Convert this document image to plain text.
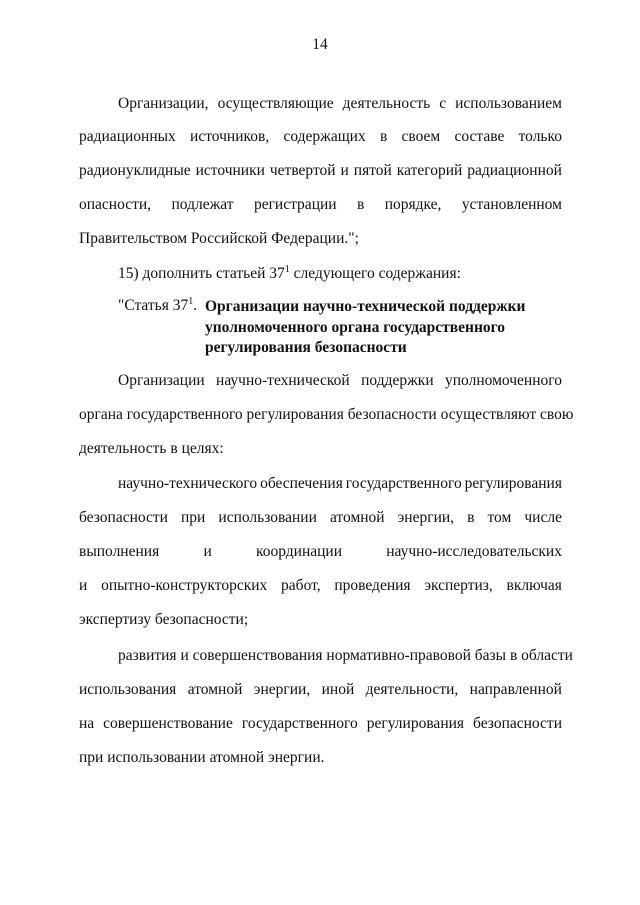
14
Организации, осуществляющие деятельность с использованием
радиационных источников, содержащих в своем составе только
радионуклидные источники четвертой и пятой категорий радиационной
опасности, подлежат регистрации в порядке, установленном
Правительством Российской Федерации.";
15) дополнить статьей $37^1$ следующего содержания:
"Статья $37^1$. Организации научно-технической поддержки
уполномоченного органа государственного
регулирования безопасности
Организации научно-технической поддержки уполномоченного
органа государственного регулирования безопасности осуществляют свою
деятельность в целях:
научно-технического обеспечения государственного регулирования
безопасности при использовании атомной энергии, в том числе
выполнения	и	координации	научно-исследовательских
и опытно-конструкторских работ, проведения экспертиз, включая
экспертизу безопасности;
развития и совершенствования нормативно-правовой базы в области
использования атомной энергии, иной деятельности, направленной
на совершенствование государственного регулирования безопасности
при использовании атомной энергии.
